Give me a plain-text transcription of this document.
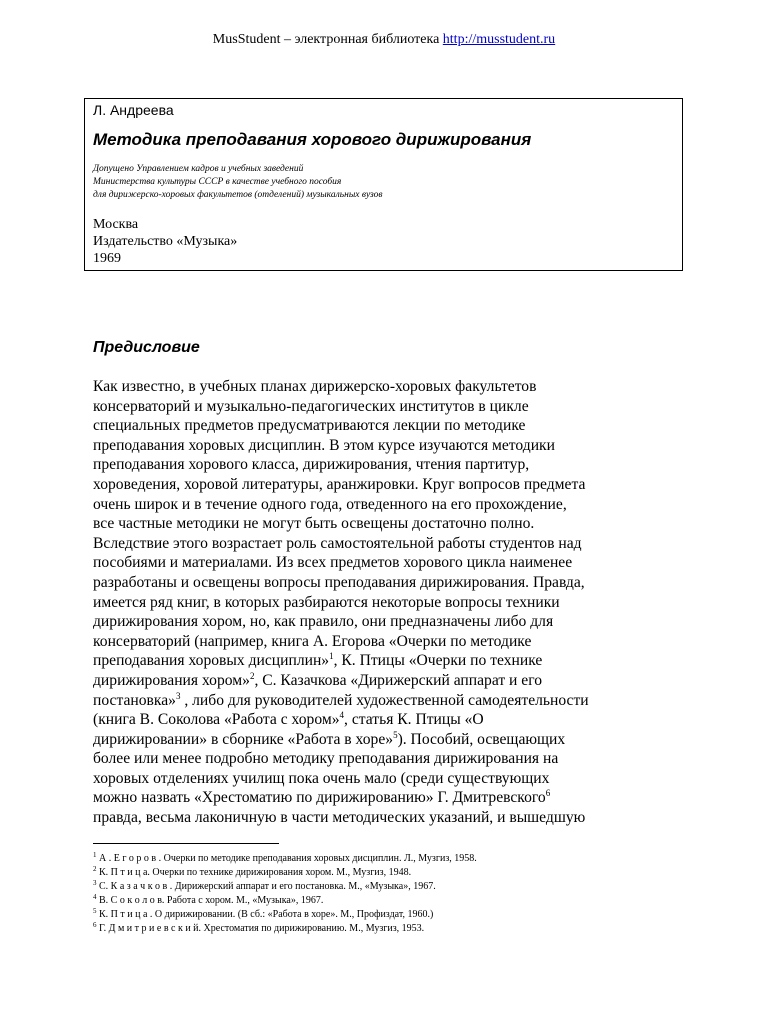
MusStudent – электронная библиотека http://musstudent.ru

Л. Андреева

Методика преподавания хорового дирижирования

Допущено Управлением кадров и учебных заведений
Министерства культуры СССР в качестве учебного пособия
для дирижерско-хоровых факультетов (отделений) музыкальных вузов
Москва
Издательство «Музыка»
1969
Предисловие
Как известно, в учебных планах дирижерско-хоровых факультетов
консерваторий и музыкально-педагогических институтов в цикле
специальных предметов предусматриваются лекции по методике
преподавания хоровых дисциплин. В этом курсе изучаются методики
преподавания хорового класса, дирижирования, чтения партитур,
хороведения, хоровой литературы, аранжировки. Круг вопросов предмета
очень широк и в течение одного года, отведенного на его прохождение,
все частные методики не могут быть освещены достаточно полно.
Вследствие этого возрастает роль самостоятельной работы студентов над
пособиями и материалами. Из всех предметов хорового цикла наименее
разработаны и освещены вопросы преподавания дирижирования. Правда,
имеется ряд книг, в которых разбираются некоторые вопросы техники
дирижирования хором, но, как правило, они предназначены либо для
консерваторий (например, книга А. Егорова «Очерки по методике
преподавания хоровых дисциплин»$^1$, К. Птицы «Очерки по технике
дирижирования хором»$^2$, С. Казачкова «Дирижерский аппарат и его
постановка»$^3$ , либо для руководителей художественной самодеятельности
(книга В. Соколова «Работа с хором»$^4$, статья К. Птицы «О
дирижировании» в сборнике «Работа в хоре»$^5$). Пособий, освещающих
более или менее подробно методику преподавания дирижирования на
хоровых отделениях училищ пока очень мало (среди существующих
можно назвать «Хрестоматию по дирижированию» Г. Дмитревского$^6$
правда, весьма лаконичную в части методических указаний, и вышедшую
$^1$ А . Е г о р о в . Очерки по методике преподавания хоровых дисциплин. Л., Музгиз, 1958.
$^2$ К. П т и ц а. Очерки по технике дирижирования хором. М., Музгиз, 1948.
$^3$ С. К а з а ч к о в . Дирижерский аппарат и его постановка. М., «Музыка», 1967.
$^4$ В. С о к о л о в. Работа с хором. М., «Музыка», 1967.
$^5$ К. П т и ц а . О дирижировании. (В сб.: «Работа в хоре». М., Профиздат, 1960.)
$^6$ Г. Д м и т р и е в с к и й. Хрестоматия по дирижированию. М., Музгиз, 1953.
